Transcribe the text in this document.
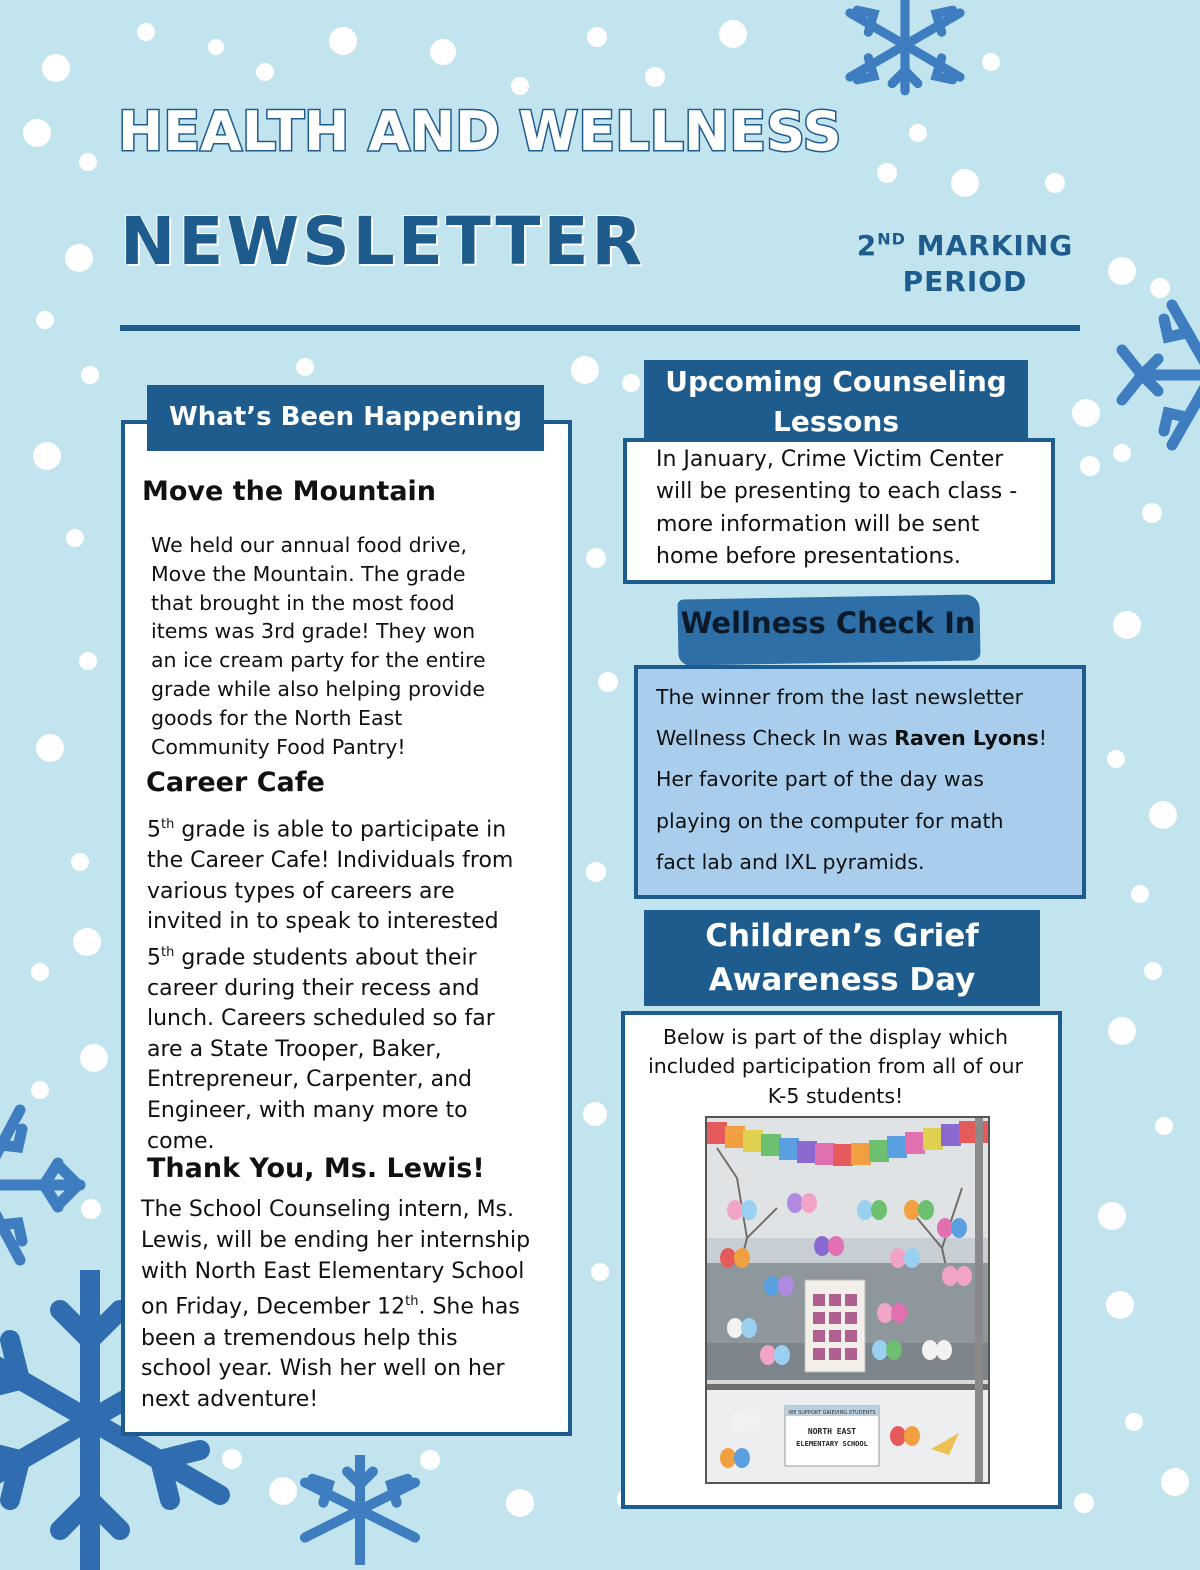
HEALTH AND WELLNESS
NEWSLETTER	2ND MARKING
PERIOD
What’s Been Happening
Move the Mountain
We held our annual food drive,
Move the Mountain. The grade
that brought in the most food
items was 3rd grade! They won
an ice cream party for the entire
grade while also helping provide
goods for the North East
Community Food Pantry!
Career Cafe
5th grade is able to participate in
the Career Cafe! Individuals from
various types of careers are
invited in to speak to interested
5th grade students about their
career during their recess and
lunch. Careers scheduled so far
are a State Trooper, Baker,
Entrepreneur, Carpenter, and
Engineer, with many more to
come.
Thank You, Ms. Lewis!
The School Counseling intern, Ms.
Lewis, will be ending her internship
with North East Elementary School
on Friday, December 12th. She has
been a tremendous help this
school year. Wish her well on her
next adventure!
Upcoming Counseling
Lessons
In January, Crime Victim Center
will be presenting to each class -
more information will be sent
home before presentations.
Wellness Check In
The winner from the last newsletter
Wellness Check In was Raven Lyons!
Her favorite part of the day was
playing on the computer for math
fact lab and IXL pyramids.
Children’s Grief
Awareness Day
Below is part of the display which
included participation from all of our
K-5 students!
WE SUPPORT GRIEVING STUDENTS
NORTH EAST
ELEMENTARY SCHOOL
